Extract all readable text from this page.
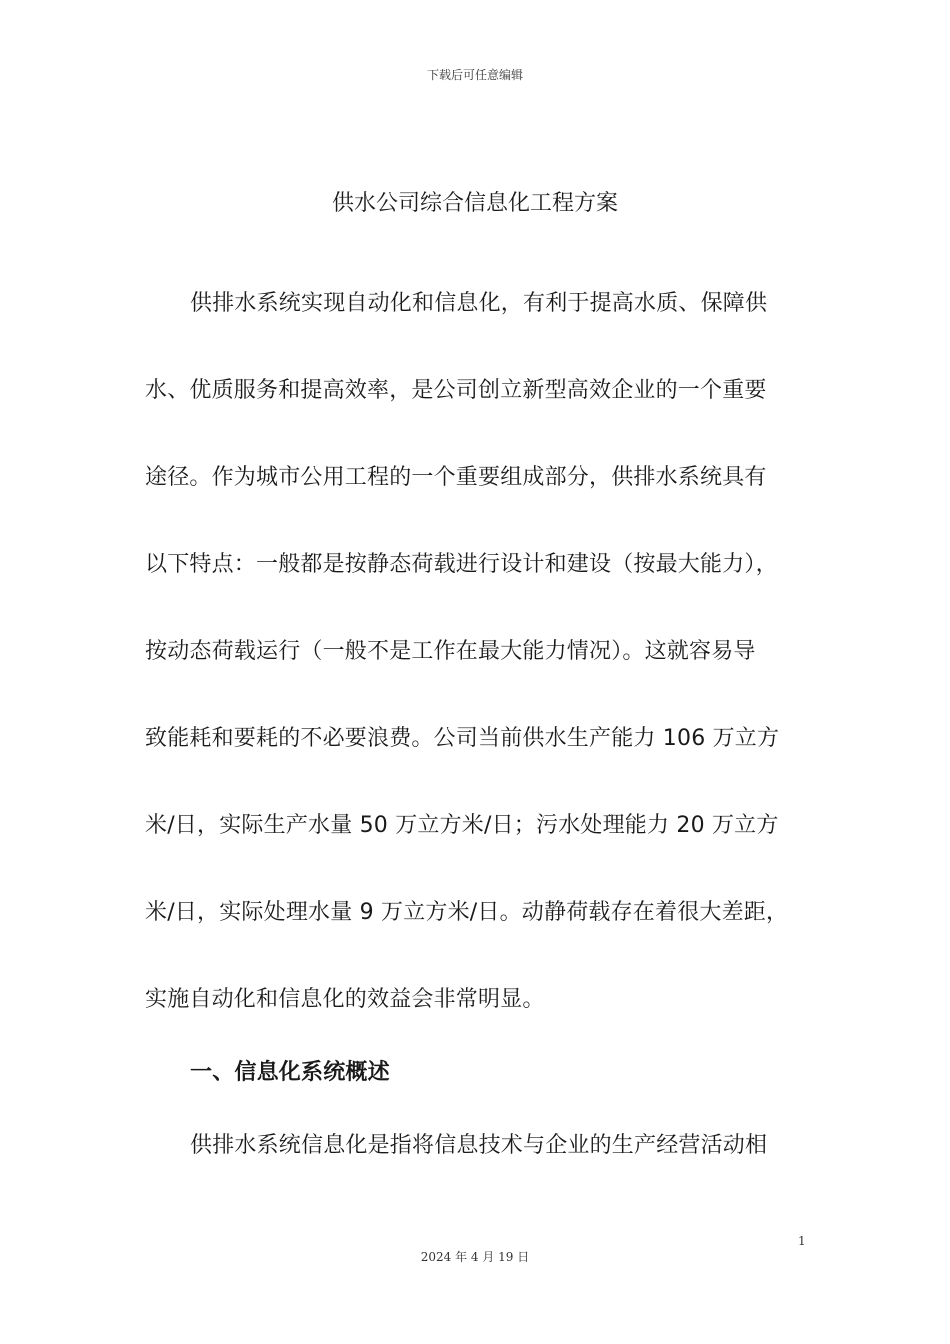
下载后可任意编辑
供水公司综合信息化工程方案
供排水系统实现自动化和信息化，有利于提高水质、保障供
水、优质服务和提高效率，是公司创立新型高效企业的一个重要
途径。作为城市公用工程的一个重要组成部分，供排水系统具有
以下特点：一般都是按静态荷载进行设计和建设（按最大能力），
按动态荷载运行（一般不是工作在最大能力情况）。这就容易导
致能耗和要耗的不必要浪费。公司当前供水生产能力 106 万立方
米/日，实际生产水量 50 万立方米/日；污水处理能力 20 万立方
米/日，实际处理水量 9 万立方米/日。动静荷载存在着很大差距，
实施自动化和信息化的效益会非常明显。
一、信息化系统概述
供排水系统信息化是指将信息技术与企业的生产经营活动相
1
2024 年 4 月 19 日
